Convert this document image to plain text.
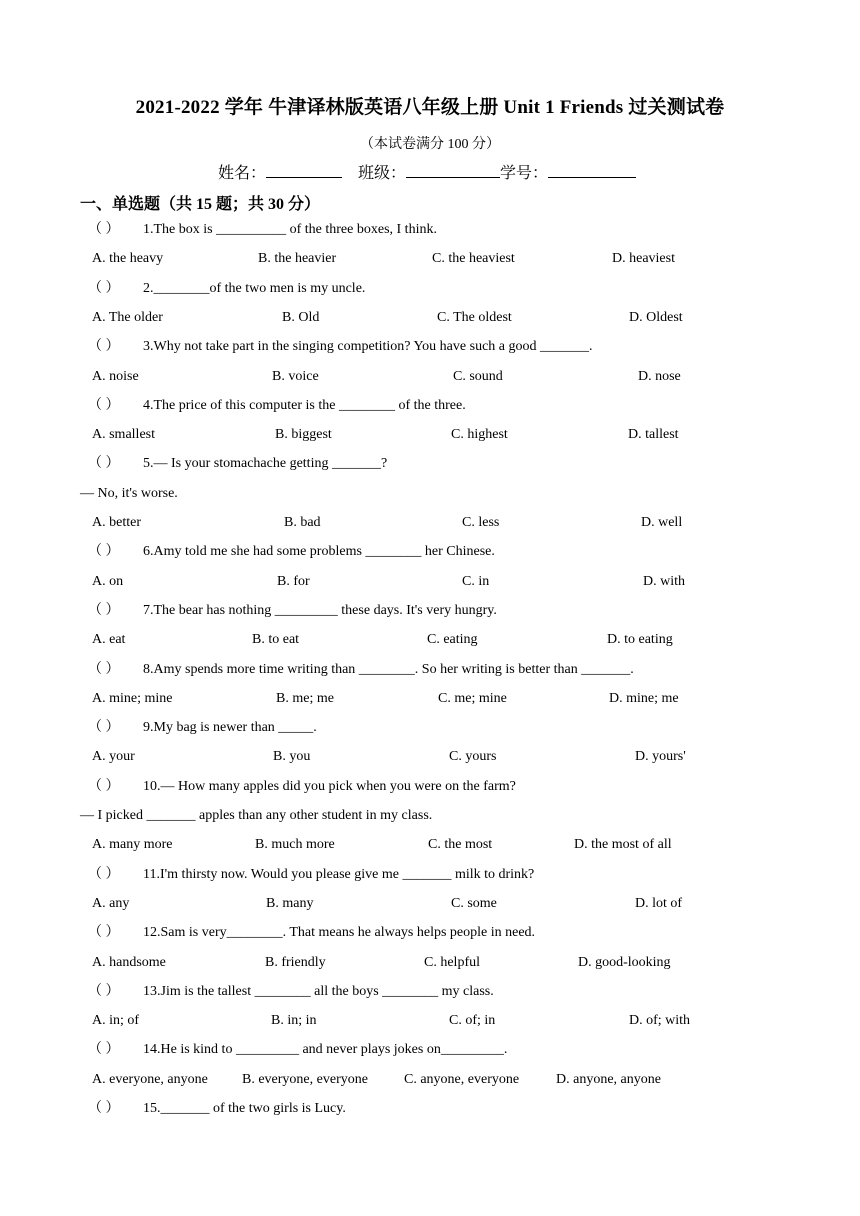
2021-2022 学年 牛津译林版英语八年级上册 Unit 1 Friends 过关测试卷
（本试卷满分 100 分）
姓名：	班级：	学号：
一、单选题（共 15 题；共 30 分）
（ ） 1.The box is __________ of the three boxes, I think.
A. the heavy	B. the heavier	C. the heaviest	D. heaviest
（ ） 2.________of the two men is my uncle.
A. The older	B. Old	C. The oldest	D. Oldest
（ ） 3.Why not take part in the singing competition? You have such a good _______.
A. noise	B. voice	C. sound	D. nose
（ ） 4.The price of this computer is the ________ of the three.
A. smallest	B. biggest	C. highest	D. tallest
（ ） 5.— Is your stomachache getting _______?
— No, it's worse.
A. better	B. bad	C. less	D. well
（ ） 6.Amy told me she had some problems ________ her Chinese.
A. on	B. for	C. in	D. with
（ ） 7.The bear has nothing _________ these days. It's very hungry.
A. eat	B. to eat	C. eating	D. to eating
（ ） 8.Amy spends more time writing than ________. So her writing is better than _______.
A. mine; mine	B. me; me	C. me; mine	D. mine; me
（ ） 9.My bag is newer than _____.
A. your	B. you	C. yours	D. yours'
（ ） 10.— How many apples did you pick when you were on the farm?
— I picked _______ apples than any other student in my class.
A. many more	B. much more	C. the most	D. the most of all
（ ） 11.I'm thirsty now. Would you please give me _______ milk to drink?
A. any	B. many	C. some	D. lot of
（ ） 12.Sam is very________. That means he always helps people in need.
A. handsome	B. friendly	C. helpful	D. good-looking
（ ） 13.Jim is the tallest ________ all the boys ________ my class.
A. in; of	B. in; in	C. of; in	D. of; with
（ ） 14.He is kind to _________ and never plays jokes on_________.
A. everyone, anyone B. everyone, everyone	C. anyone, everyone	D. anyone, anyone
（ ） 15._______ of the two girls is Lucy.
